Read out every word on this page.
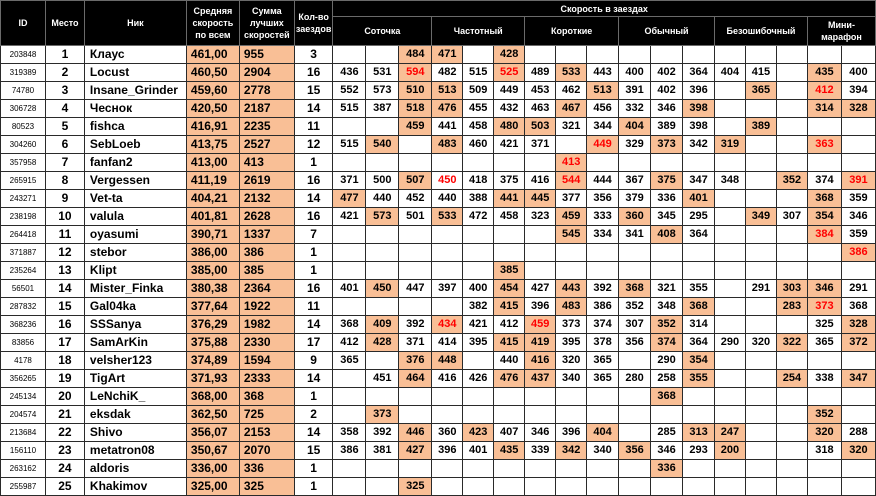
ID	Место	Ник	Средняя скорость по всем	Сумма лучших скоростей	Кол-во заездов	Скорость в заездах																
						Соточка			Частотный			Короткие			Обычный			Безошибочный			Мини-марафон	
203848	1	Клаус	461,00	955	3			484	471		428											
319389	2	Locust	460,50	2904	16	436	531	594	482	515	525	489	533	443	400	402	364	404	415		435	400
74780	3	Insane_Grinder	459,60	2778	15	552	573	510	513	509	449	453	462	513	391	402	396		365		412	394
306728	4	Чеснок	420,50	2187	14	515	387	518	476	455	432	463	467	456	332	346	398				314	328
80523	5	fishca	416,91	2235	11			459	441	458	480	503	321	344	404	389	398		389			
304260	6	SebLoeb	413,75	2527	12	515	540		483	460	421	371		449	329	373	342	319			363	
357958	7	fanfan2	413,00	413	1								413									
265915	8	Vergessen	411,19	2619	16	371	500	507	450	418	375	416	544	444	367	375	347	348		352	374	391
243271	9	Vet-ta	404,21	2132	14	477	440	452	440	388	441	445	377	356	379	336	401				368	359
238198	10	valula	401,81	2628	16	421	573	501	533	472	458	323	459	333	360	345	295		349	307	354	346
264418	11	oyasumi	390,71	1337	7								545	334	341	408	364				384	359
371887	12	stebor	386,00	386	1																	386
235264	13	Klipt	385,00	385	1						385											
56501	14	Mister_Finka	380,38	2364	16	401	450	447	397	400	454	427	443	392	368	321	355		291	303	346	291
287832	15	Gal04ka	377,64	1922	11					382	415	396	483	386	352	348	368			283	373	368
368236	16	SSSanya	376,29	1982	14	368	409	392	434	421	412	459	373	374	307	352	314				325	328
83856	17	SamArKin	375,88	2330	17	412	428	371	414	395	415	419	395	378	356	374	364	290	320	322	365	372
4178	18	velsher123	374,89	1594	9	365		376	448		440	416	320	365		290	354					
356265	19	TigArt	371,93	2333	14		451	464	416	426	476	437	340	365	280	258	355			254	338	347
245134	20	LeNchiK_	368,00	368	1											368						
204574	21	eksdak	362,50	725	2		373														352	
213684	22	Shivo	356,07	2153	14	358	392	446	360	423	407	346	396	404		285	313	247			320	288
156110	23	metatron08	350,67	2070	15	386	381	427	396	401	435	339	342	340	356	346	293	200			318	320
263162	24	aldoris	336,00	336	1											336						
255987	25	Khakimov	325,00	325	1			325														
